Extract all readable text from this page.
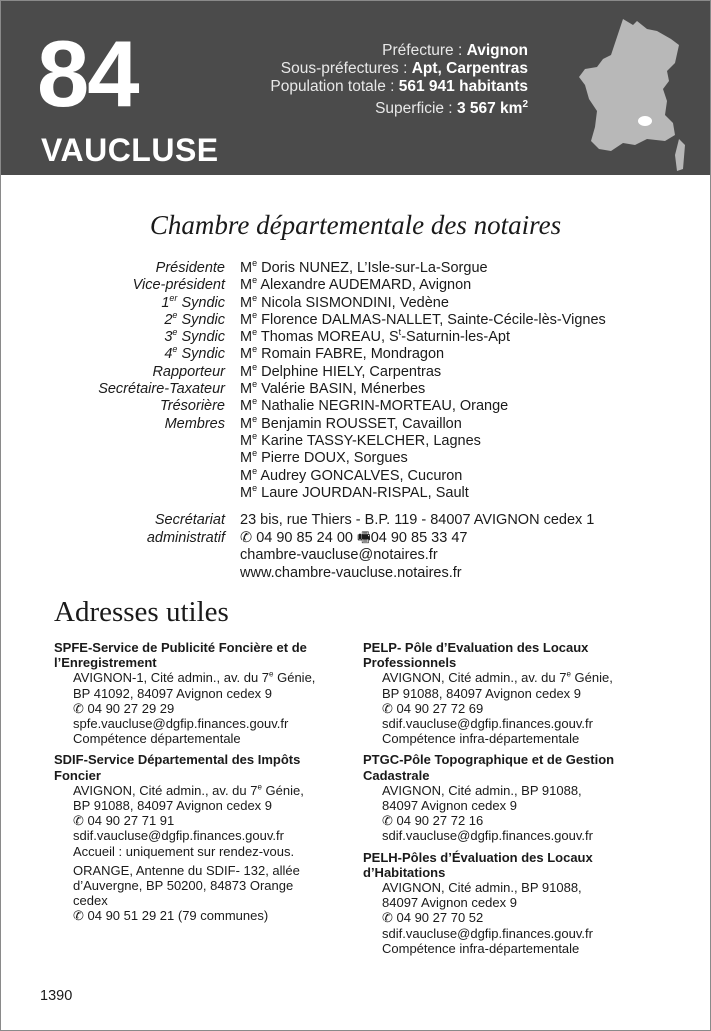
84
VAUCLUSE
Préfecture : Avignon
Sous-préfectures : Apt, Carpentras
Population totale : 561 941 habitants
Superficie : 3 567 $km^2$
Chambre départementale des notaires
Présidente Me Doris NUNEZ, L’Isle-sur-La-Sorgue
Vice-président Me Alexandre AUDEMARD, Avignon
1er Syndic Me Nicola SISMONDINI, Vedène
2e Syndic Me Florence DALMAS-NALLET, Sainte-Cécile-lès-Vignes
3e Syndic Me Thomas MOREAU, $S^t-Saturnin-les$-Apt
4e Syndic Me Romain FABRE, Mondragon
Rapporteur Me Delphine HIELY, Carpentras
Secrétaire-Taxateur Me Valérie BASIN, Ménerbes
Trésorière Me Nathalie NEGRIN-MORTEAU, Orange
Membres Me Benjamin ROUSSET, Cavaillon
Me Karine TASSY-KELCHER, Lagnes
Me Pierre DOUX, Sorgues
Me Audrey GONCALVES, Cucuron
Me Laure JOURDAN-RISPAL, Sault
Secrétariat
administratif
23 bis, rue Thiers - B.P. 119 - 84007 AVIGNON cedex 1
✆ 04 90 85 24 00 🖷04 90 85 33 47
chambre-vaucluse@notaires.fr
www.chambre-vaucluse.notaires.fr
Adresses utiles
SPFE-Service de Publicité Foncière et de l’Enregistrement
AVIGNON-1, Cité admin., av. du 7e Génie,
BP 41092, 84097 Avignon cedex 9
✆ 04 90 27 29 29
spfe.vaucluse@dgfip.finances.gouv.fr
Compétence départementale
SDIF-Service Départemental des Impôts Foncier
AVIGNON, Cité admin., av. du 7e Génie,
BP 91088, 84097 Avignon cedex 9
✆ 04 90 27 71 91
sdif.vaucluse@dgfip.finances.gouv.fr
Accueil : uniquement sur rendez-vous.
ORANGE, Antenne du SDIF- 132, allée
d’Auvergne, BP 50200, 84873 Orange
cedex
✆ 04 90 51 29 21 (79 communes)
PELP- Pôle d’Evaluation des Locaux Professionnels
AVIGNON, Cité admin., av. du 7e Génie,
BP 91088, 84097 Avignon cedex 9
✆ 04 90 27 72 69
sdif.vaucluse@dgfip.finances.gouv.fr
Compétence infra-départementale
PTGC-Pôle Topographique et de Gestion Cadastrale
AVIGNON, Cité admin., BP 91088,
84097 Avignon cedex 9
✆ 04 90 27 72 16
sdif.vaucluse@dgfip.finances.gouv.fr
PELH-Pôles d’Évaluation des Locaux d’Habitations
AVIGNON, Cité admin., BP 91088,
84097 Avignon cedex 9
✆ 04 90 27 70 52
sdif.vaucluse@dgfip.finances.gouv.fr
Compétence infra-départementale
1390
